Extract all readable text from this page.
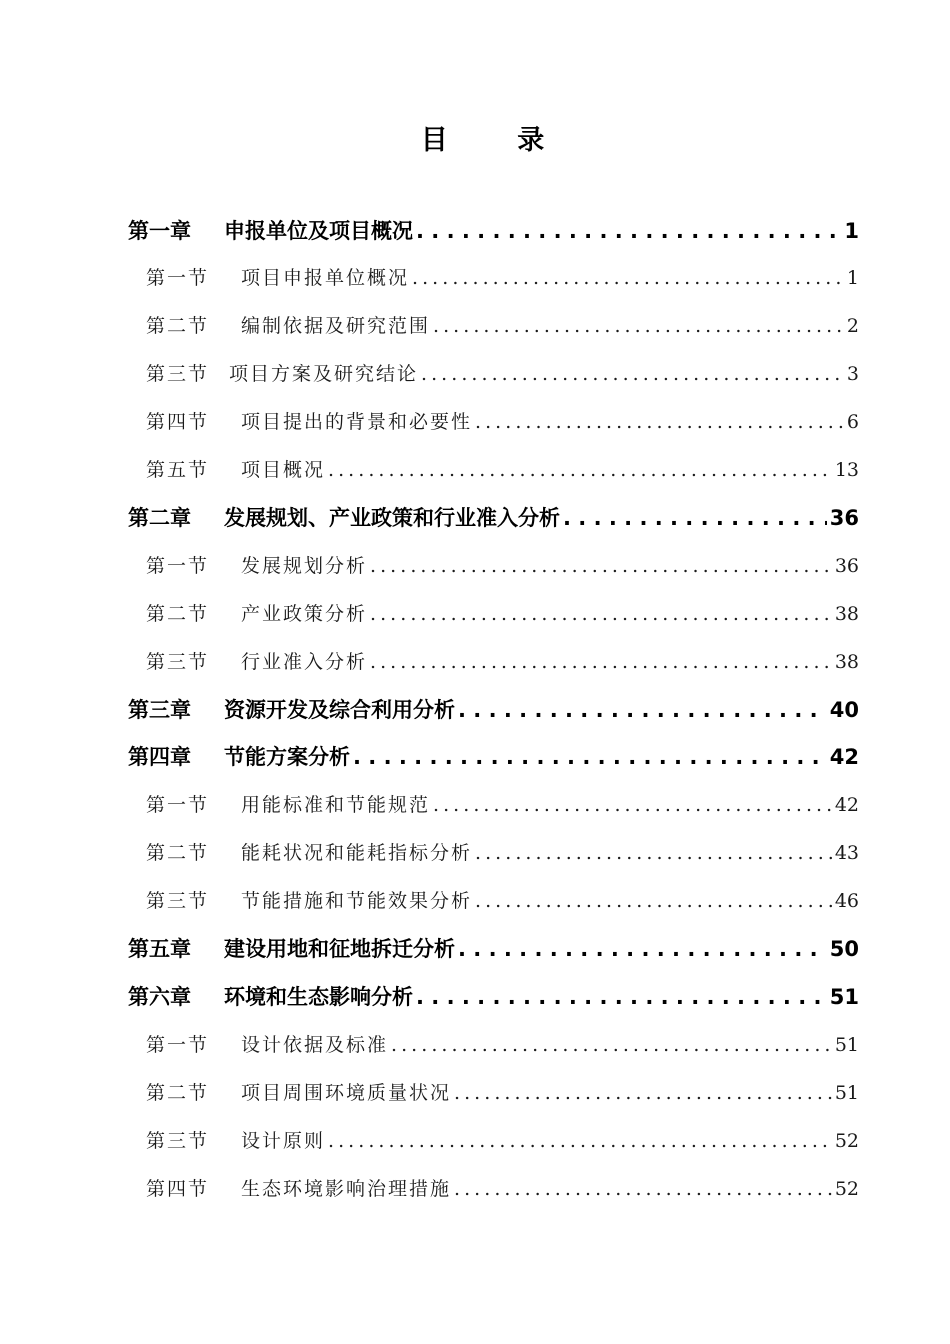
目 录
第一章	申报单位及项目概况 . . .	1
第一节	项目申报单位概况 . . .	1
第二节	编制依据及研究范围 . . .	2
第三节	项目方案及研究结论 . . .	3
第四节	项目提出的背景和必要性 . . .	6
第五节	项目概况 . . .	13
第二章	发展规划、产业政策和行业准入分析 . . .	36
第一节	发展规划分析 . . .	36
第二节	产业政策分析 . . .	38
第三节	行业准入分析 . . .	38
第三章	资源开发及综合利用分析 . . .	40
第四章	节能方案分析 . . .	42
第一节	用能标准和节能规范 . . .	42
第二节	能耗状况和能耗指标分析 . . .	43
第三节	节能措施和节能效果分析 . . .	46
第五章	建设用地和征地拆迁分析 . . .	50
第六章	环境和生态影响分析 . . .	51
第一节	设计依据及标准 . . .	51
第二节	项目周围环境质量状况 . . .	51
第三节	设计原则 . . .	52
第四节	生态环境影响治理措施 . . .	52
